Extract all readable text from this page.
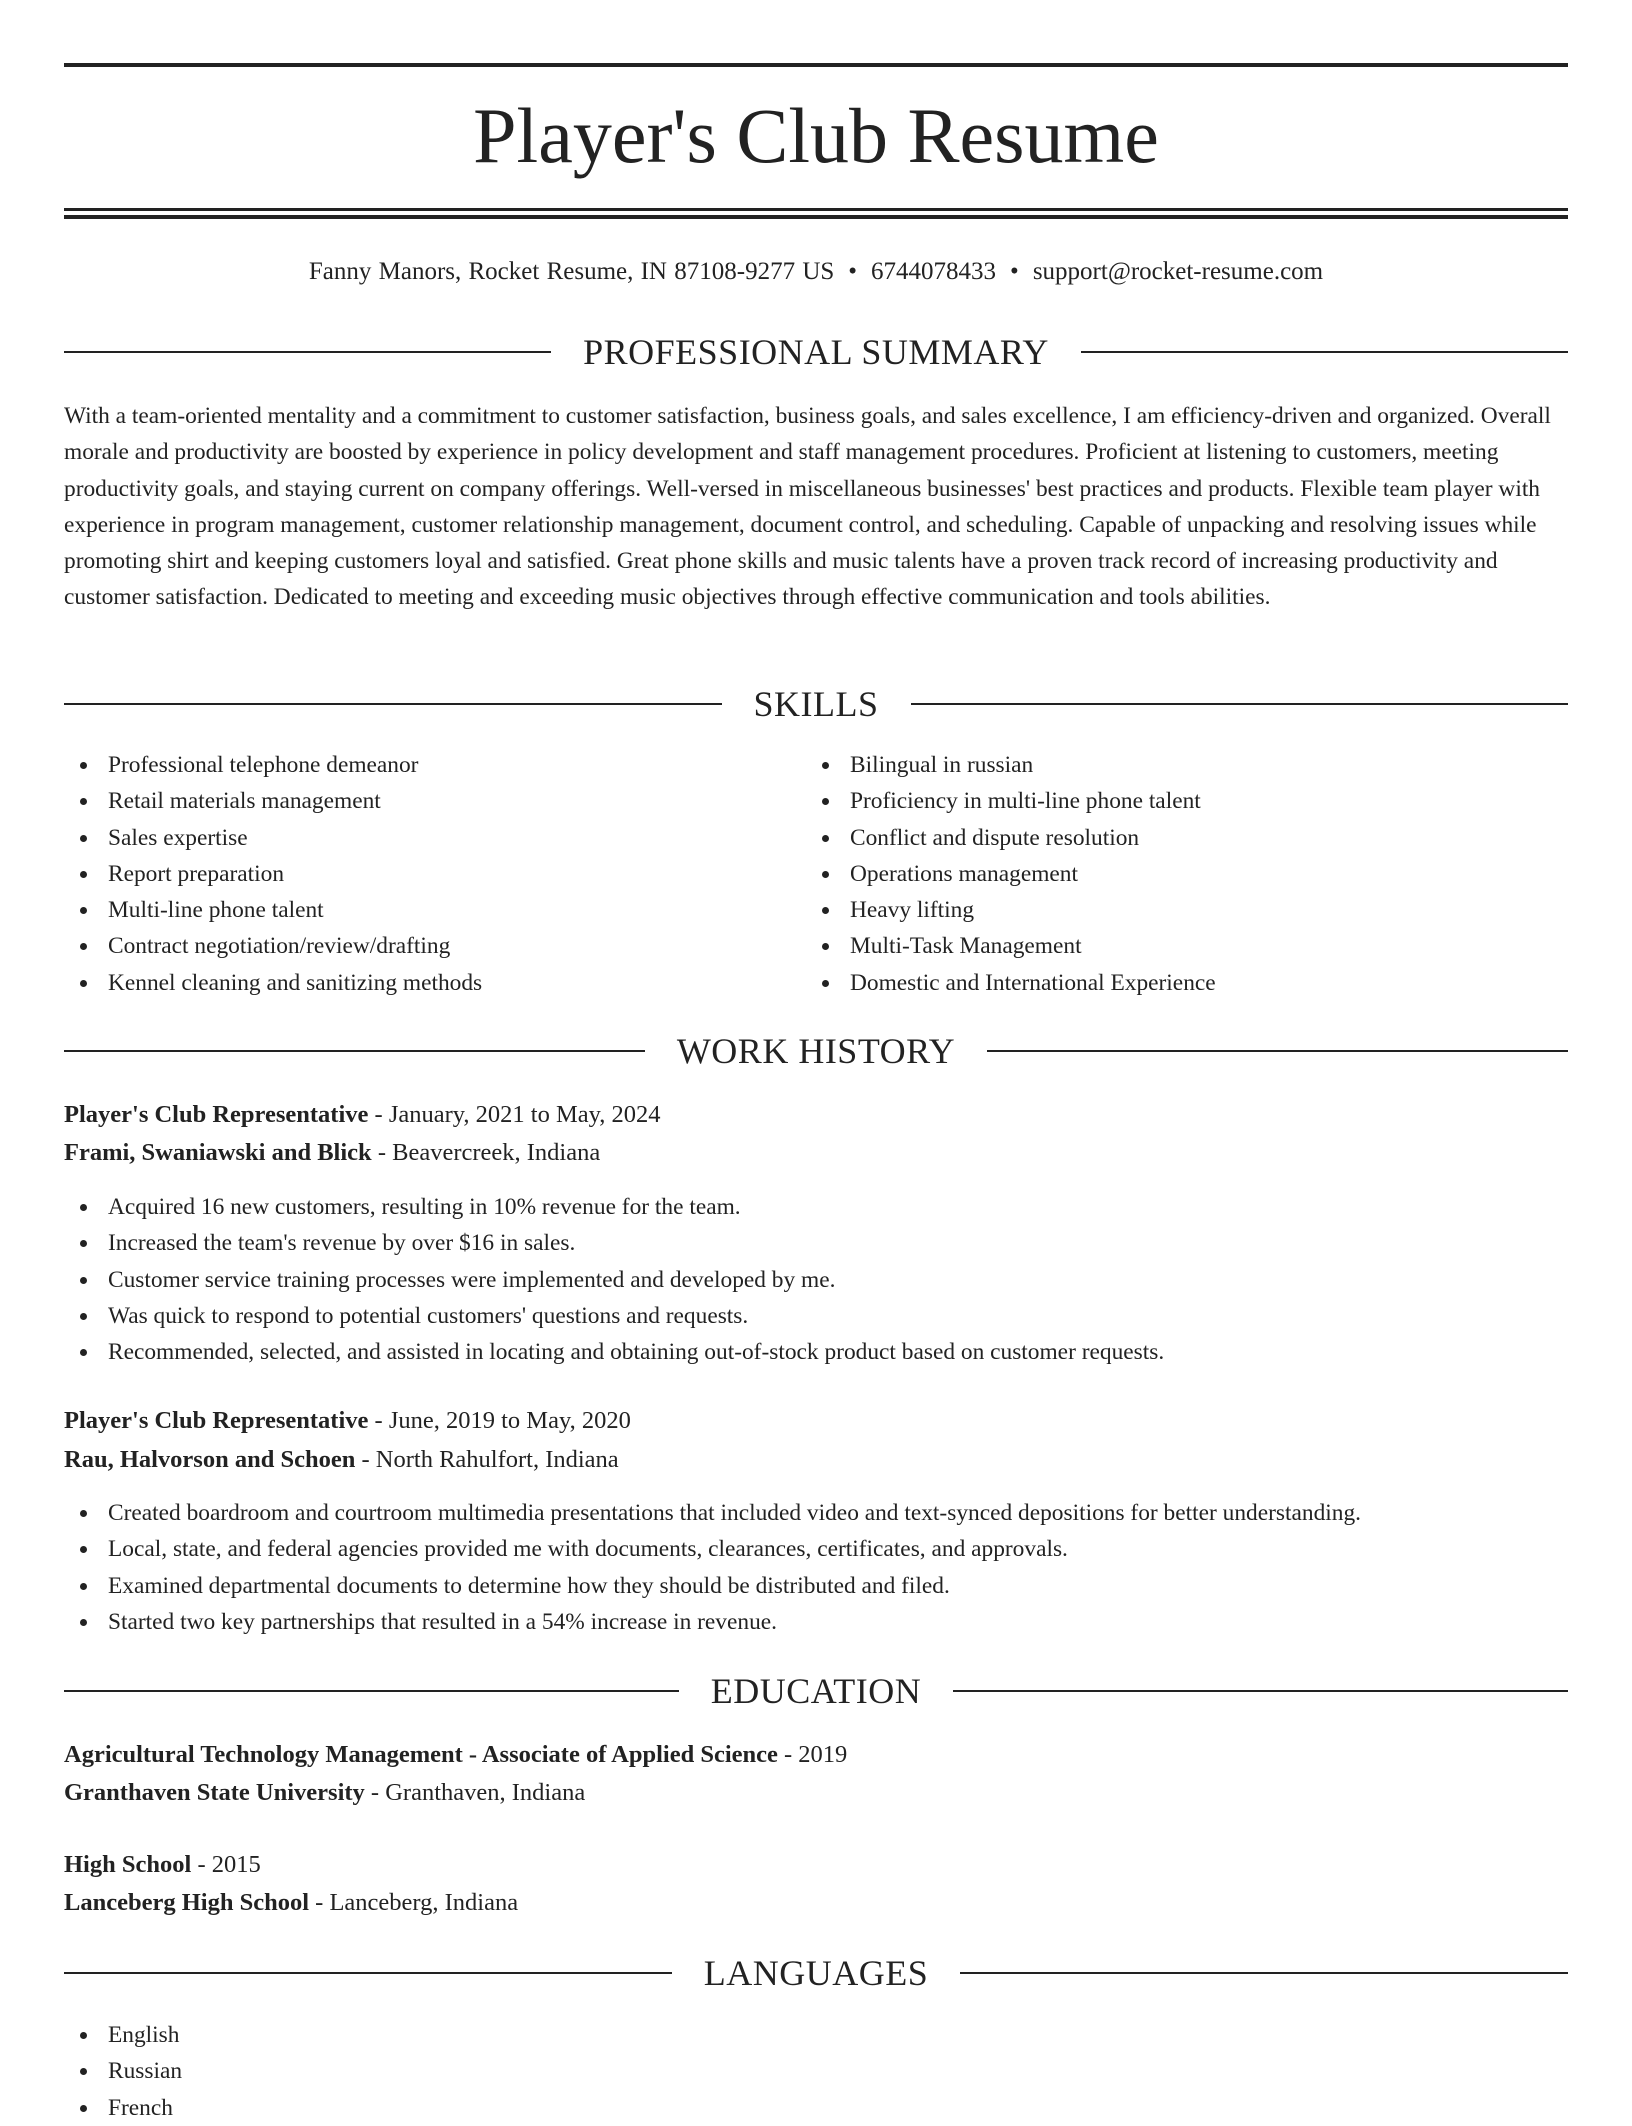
Player's Club Resume
Fanny Manors, Rocket Resume, IN 87108-9277 US • 6744078433 • support@rocket-resume.com
PROFESSIONAL SUMMARY

With a team-oriented mentality and a commitment to customer satisfaction, business goals, and sales excellence, I am efficiency-driven and organized. Overall morale and productivity are boosted by experience in policy development and staff management procedures. Proficient at listening to customers, meeting productivity goals, and staying current on company offerings. Well-versed in miscellaneous businesses' best practices and products. Flexible team player with experience in program management, customer relationship management, document control, and scheduling. Capable of unpacking and resolving issues while promoting shirt and keeping customers loyal and satisfied. Great phone skills and music talents have a proven track record of increasing productivity and customer satisfaction. Dedicated to meeting and exceeding music objectives through effective communication and tools abilities.

SKILLS
Professional telephone demeanor
Retail materials management
Sales expertise
Report preparation
Multi-line phone talent
Contract negotiation/review/drafting
Kennel cleaning and sanitizing methods
Bilingual in russian
Proficiency in multi-line phone talent
Conflict and dispute resolution
Operations management
Heavy lifting
Multi-Task Management
Domestic and International Experience
WORK HISTORY
Player's Club Representative - January, 2021 to May, 2024
Frami, Swaniawski and Blick - Beavercreek, Indiana
Acquired 16 new customers, resulting in 10% revenue for the team.
Increased the team's revenue by over $16 in sales.
Customer service training processes were implemented and developed by me.
Was quick to respond to potential customers' questions and requests.
Recommended, selected, and assisted in locating and obtaining out-of-stock product based on customer requests.
Player's Club Representative - June, 2019 to May, 2020
Rau, Halvorson and Schoen - North Rahulfort, Indiana
Created boardroom and courtroom multimedia presentations that included video and text-synced depositions for better understanding.
Local, state, and federal agencies provided me with documents, clearances, certificates, and approvals.
Examined departmental documents to determine how they should be distributed and filed.
Started two key partnerships that resulted in a 54% increase in revenue.
EDUCATION
Agricultural Technology Management - Associate of Applied Science - 2019
Granthaven State University - Granthaven, Indiana
High School - 2015
Lanceberg High School - Lanceberg, Indiana
LANGUAGES
English
Russian
French
